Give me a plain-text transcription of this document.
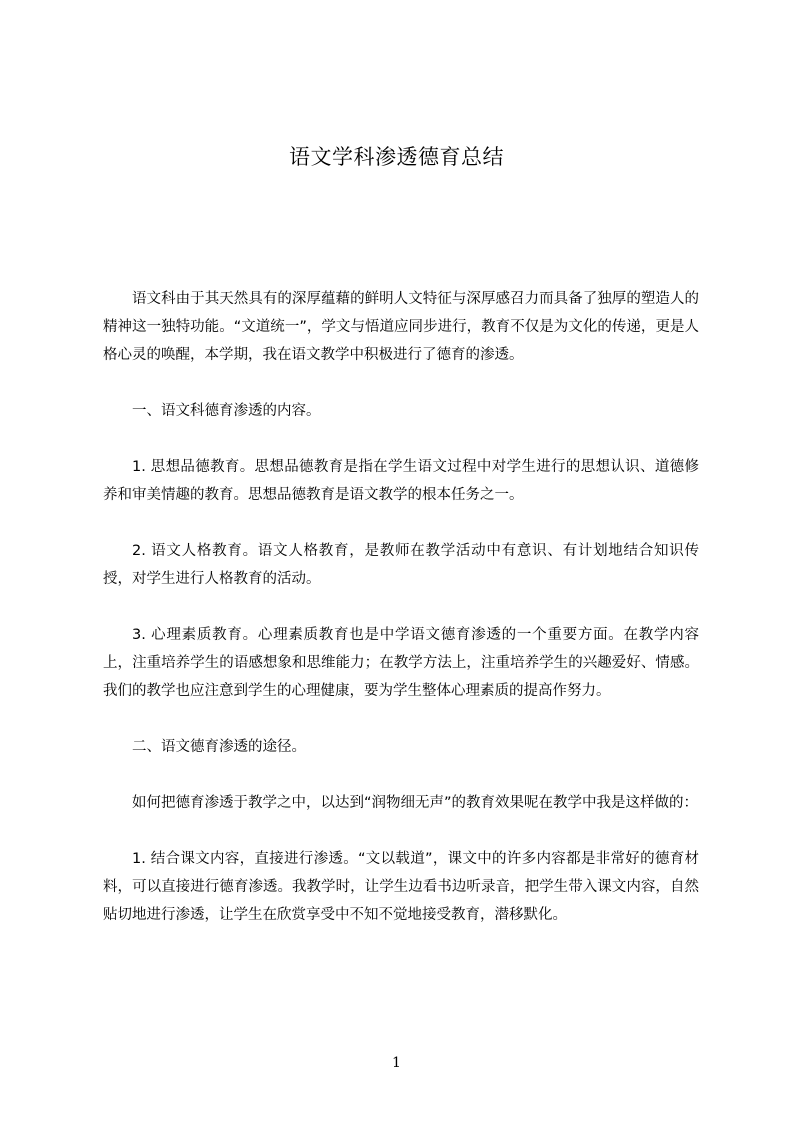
语文学科渗透德育总结

语文科由于其天然具有的深厚蕴藉的鲜明人文特征与深厚感召力而具备了独厚的塑造人的精神这一独特功能。“文道统一”，学文与悟道应同步进行，教育不仅是为文化的传递，更是人格心灵的唤醒，本学期，我在语文教学中积极进行了德育的渗透。

一、语文科德育渗透的内容。

1. 思想品德教育。思想品德教育是指在学生语文过程中对学生进行的思想认识、道德修养和审美情趣的教育。思想品德教育是语文教学的根本任务之一。

2. 语文人格教育。语文人格教育，是教师在教学活动中有意识、有计划地结合知识传授，对学生进行人格教育的活动。

3. 心理素质教育。心理素质教育也是中学语文德育渗透的一个重要方面。在教学内容上，注重培养学生的语感想象和思维能力；在教学方法上，注重培养学生的兴趣爱好、情感。我们的教学也应注意到学生的心理健康，要为学生整体心理素质的提高作努力。

二、语文德育渗透的途径。

如何把德育渗透于教学之中，以达到“润物细无声”的教育效果呢在教学中我是这样做的：

1. 结合课文内容，直接进行渗透。“文以载道”，课文中的许多内容都是非常好的德育材料，可以直接进行德育渗透。我教学时，让学生边看书边听录音，把学生带入课文内容，自然贴切地进行渗透，让学生在欣赏享受中不知不觉地接受教育，潜移默化。

1
